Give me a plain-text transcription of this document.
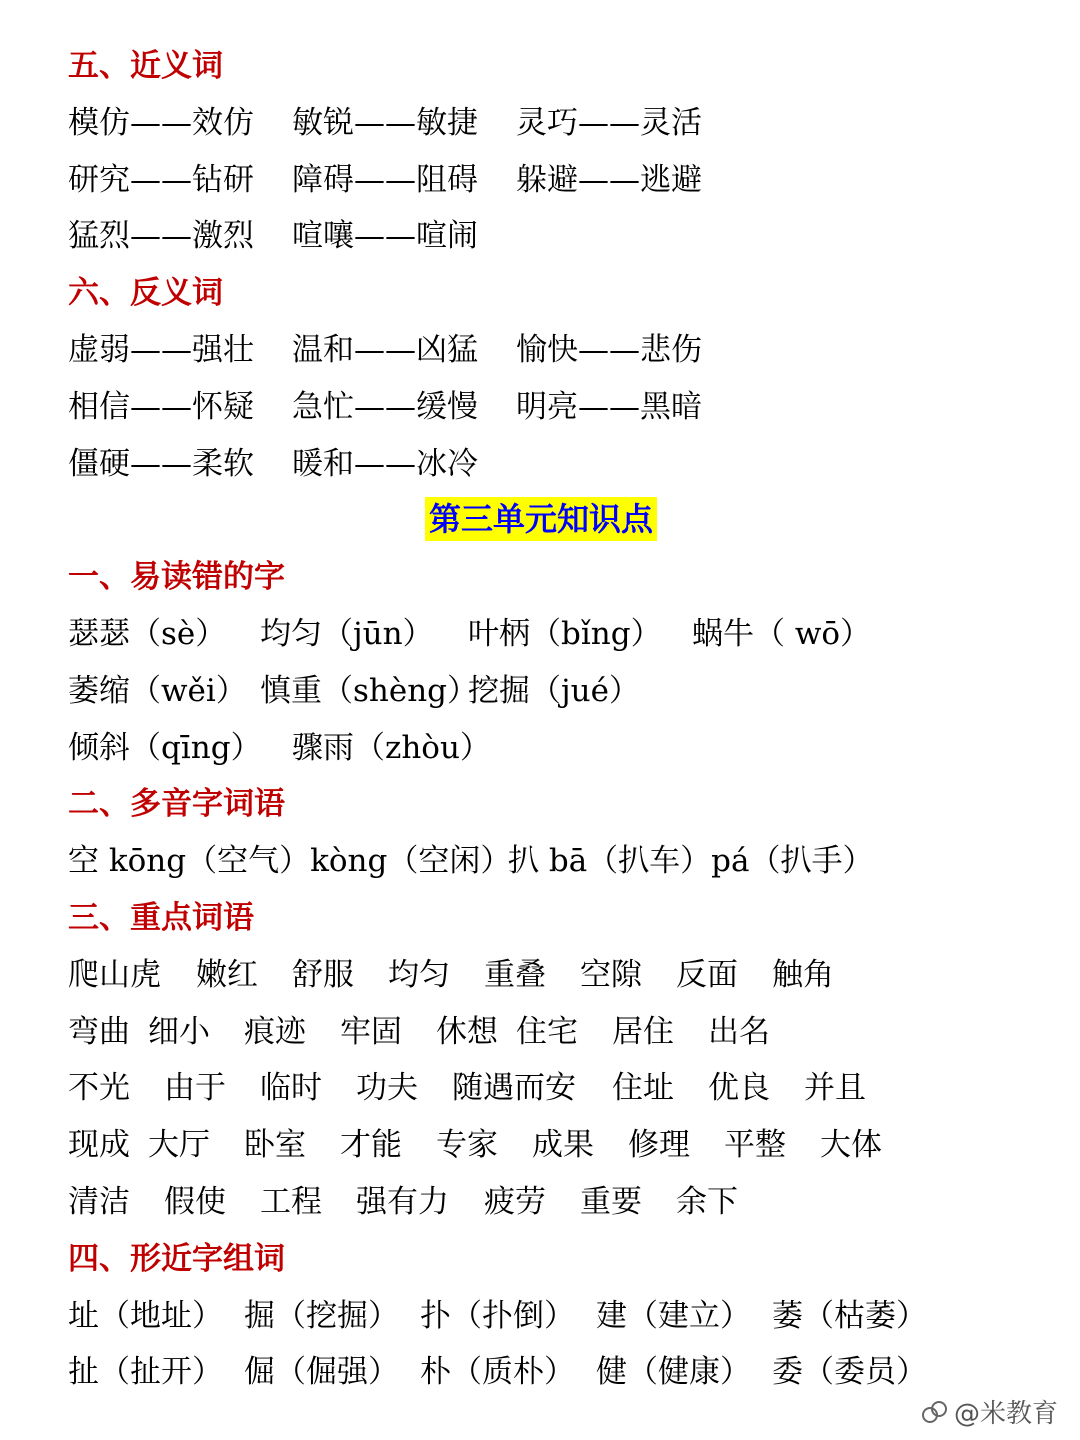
五、近义词
模仿——效仿 敏锐——敏捷 灵巧——灵活
研究——钻研 障碍——阻碍 躲避——逃避
猛烈——激烈 喧嚷——喧闹
六、反义词
虚弱——强壮 温和——凶猛 愉快——悲伤
相信——怀疑 急忙——缓慢 明亮——黑暗
僵硬——柔软 暖和——冰冷
第三单元知识点
一、易读错的字
瑟瑟（sè） 均匀（jūn） 叶柄（bǐng） 蜗牛（ wō）
萎缩（wěi） 慎重（shèng）挖掘（jué）
倾斜（qīng） 骤雨（zhòu）
二、多音字词语
空 kōng（空气）kòng（空闲）扒 bā（扒车）pá（扒手）
三、重点词语
爬山虎 嫩红 舒服 均匀 重叠 空隙 反面 触角
弯曲 细小 痕迹 牢固 休想 住宅 居住 出名
不光 由于 临时 功夫 随遇而安 住址 优良 并且
现成 大厅 卧室 才能 专家 成果 修理 平整 大体
清洁 假使 工程 强有力 疲劳 重要 余下
四、形近字组词
址（地址） 掘（挖掘） 扑（扑倒） 建（建立） 萎（枯萎）
扯（扯开） 倔（倔强） 朴（质朴） 健（健康） 委（委员）
@米教育
